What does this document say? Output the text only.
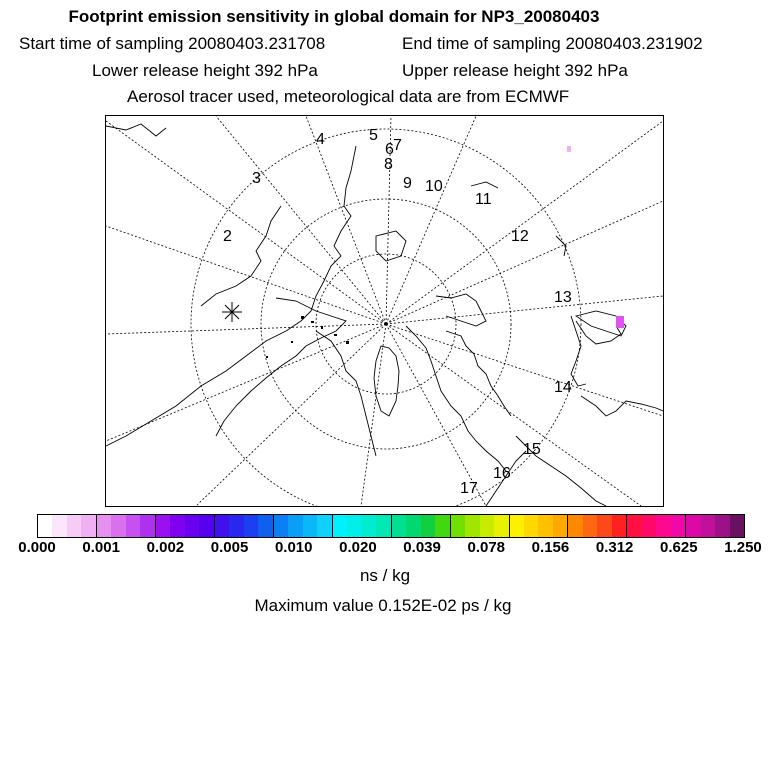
Footprint emission sensitivity in global domain for NP3_20080403
Start time of sampling 20080403.231708	End time of sampling 20080403.231902
Lower release height 392 hPa	Upper release height 392 hPa
Aerosol tracer used, meteorological data are from ECMWF
2
3
4	5
6 7
8
9 10
11
12
13
14
15
16
17
0.000 0.001 0.002 0.005 0.010 0.020 0.039 0.078 0.156 0.312 0.625 1.250
ns / kg
Maximum value 0.152E-02 ps / kg
